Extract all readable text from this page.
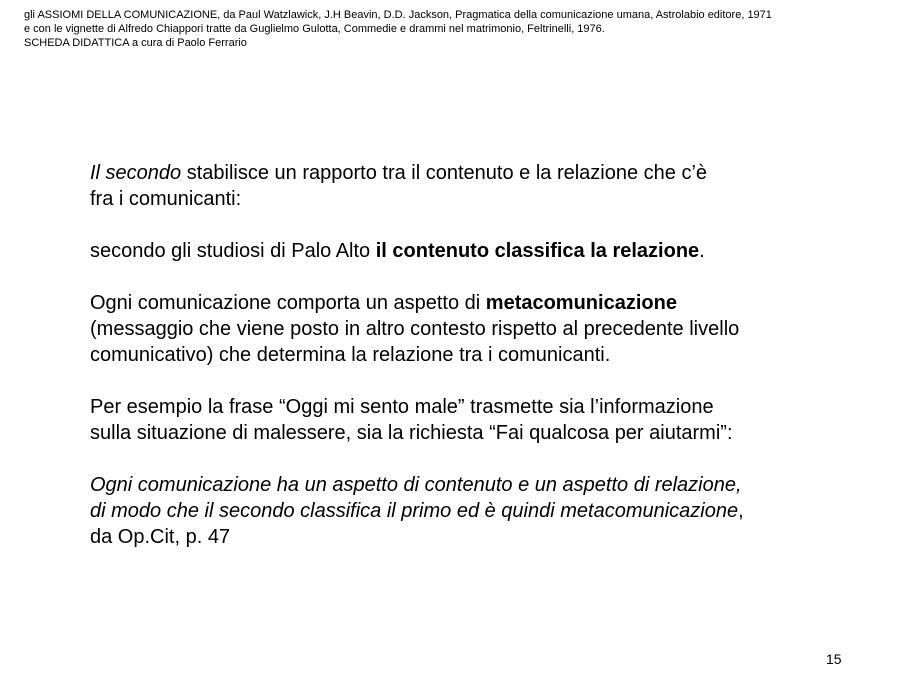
gli ASSIOMI DELLA COMUNICAZIONE, da Paul Watzlawick, J.H Beavin, D.D. Jackson, Pragmatica della comunicazione umana, Astrolabio editore, 1971
e con le vignette di Alfredo Chiappori tratte da Guglielmo Gulotta, Commedie e drammi nel matrimonio, Feltrinelli, 1976.
SCHEDA DIDATTICA a cura di Paolo Ferrario
Il secondo stabilisce un rapporto tra il contenuto e la relazione che c’è
fra i comunicanti:
secondo gli studiosi di Palo Alto il contenuto classifica la relazione.
Ogni comunicazione comporta un aspetto di metacomunicazione
(messaggio che viene posto in altro contesto rispetto al precedente livello
comunicativo) che determina la relazione tra i comunicanti.
Per esempio la frase “Oggi mi sento male” trasmette sia l’informazione
sulla situazione di malessere, sia la richiesta “Fai qualcosa per aiutarmi”:
Ogni comunicazione ha un aspetto di contenuto e un aspetto di relazione,
di modo che il secondo classifica il primo ed è quindi metacomunicazione,
da Op.Cit, p. 47
15
